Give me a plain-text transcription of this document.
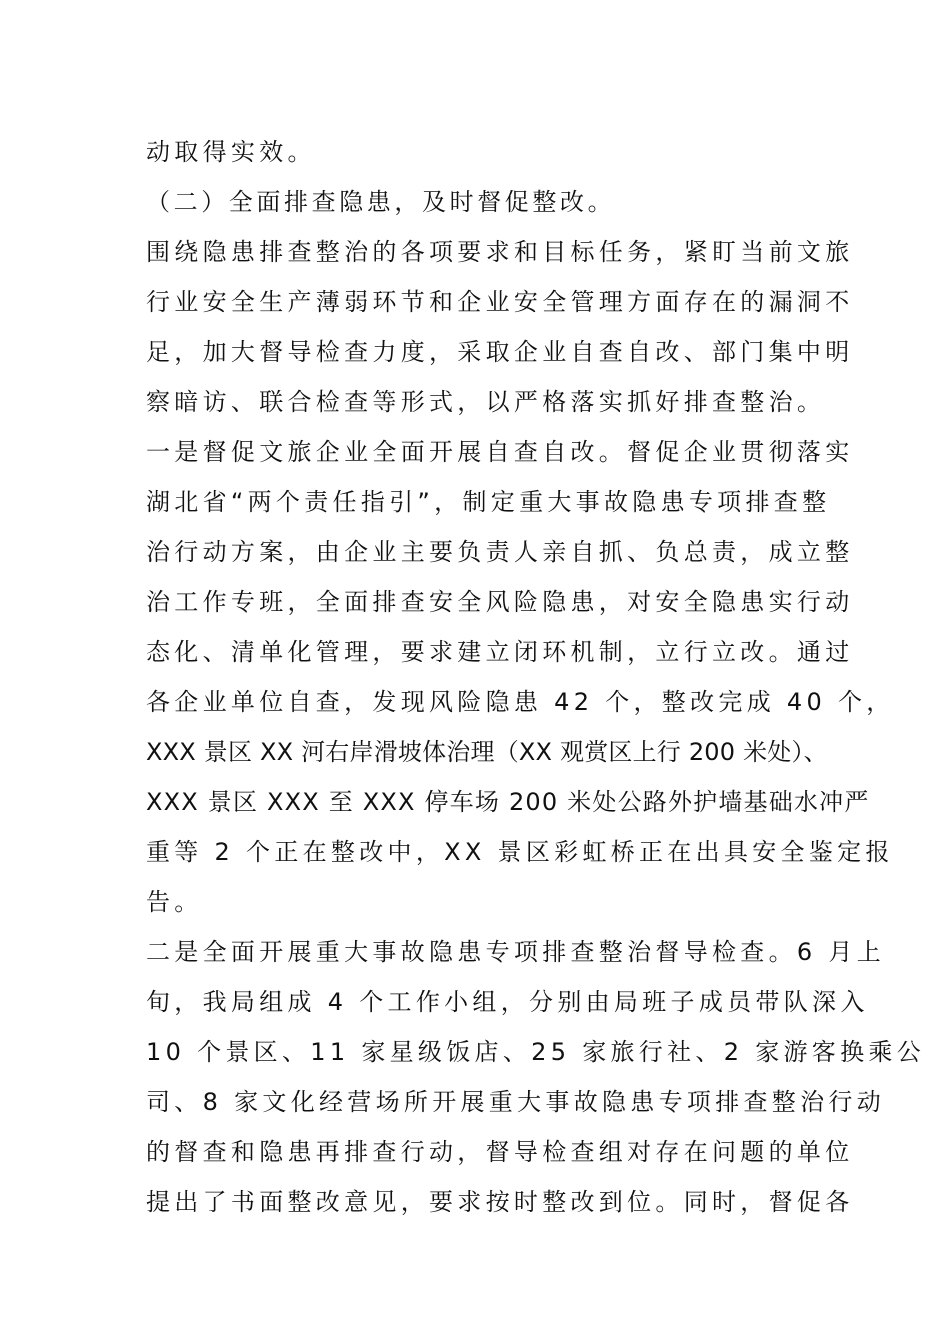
动取得实效。
（二）全面排查隐患，及时督促整改。
围绕隐患排查整治的各项要求和目标任务，紧盯当前文旅
行业安全生产薄弱环节和企业安全管理方面存在的漏洞不
足，加大督导检查力度，采取企业自查自改、部门集中明
察暗访、联合检查等形式，以严格落实抓好排查整治。
一是督促文旅企业全面开展自查自改。督促企业贯彻落实
湖北省“两个责任指引”，制定重大事故隐患专项排查整
治行动方案，由企业主要负责人亲自抓、负总责，成立整
治工作专班，全面排查安全风险隐患，对安全隐患实行动
态化、清单化管理，要求建立闭环机制，立行立改。通过
各企业单位自查，发现风险隐患 42 个，整改完成 40 个，
XXX 景区 XX 河右岸滑坡体治理（XX 观赏区上行 200 米处）、
XXX 景区 XXX 至 XXX 停车场 200 米处公路外护墙基础水冲严
重等 2 个正在整改中，XX 景区彩虹桥正在出具安全鉴定报
告。
二是全面开展重大事故隐患专项排查整治督导检查。6 月上
旬，我局组成 4 个工作小组，分别由局班子成员带队深入
10 个景区、11 家星级饭店、25 家旅行社、2 家游客换乘公
司、8 家文化经营场所开展重大事故隐患专项排查整治行动
的督查和隐患再排查行动，督导检查组对存在问题的单位
提出了书面整改意见，要求按时整改到位。同时，督促各
